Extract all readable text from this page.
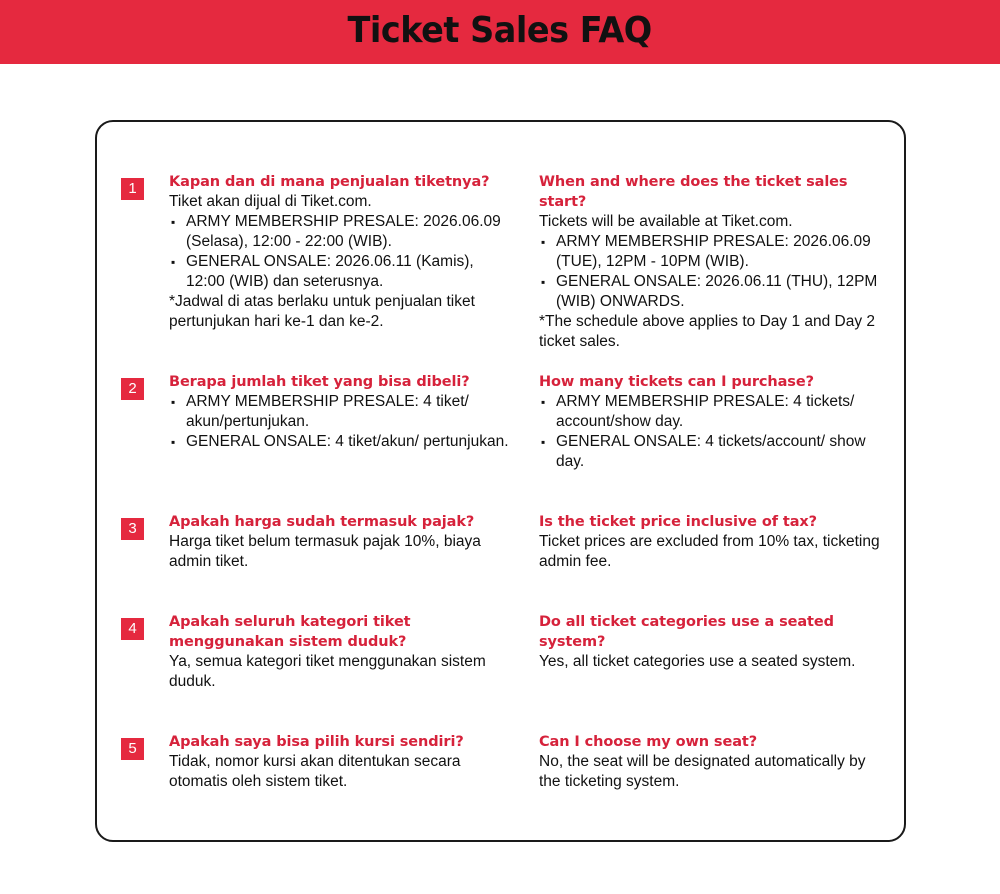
Ticket Sales FAQ
1	Kapan dan di mana penjualan tiketnya?
Tiket akan dijual di Tiket.com.
▪ ARMY MEMBERSHIP PRESALE: 2026.06.09 (Selasa), 12:00 - 22:00 (WIB).
▪ GENERAL ONSALE: 2026.06.11 (Kamis), 12:00 (WIB) dan seterusnya.
*Jadwal di atas berlaku untuk penjualan tiket pertunjukan hari ke-1 dan ke-2.
When and where does the ticket sales start?
Tickets will be available at Tiket.com.
▪ ARMY MEMBERSHIP PRESALE: 2026.06.09 (TUE), 12PM - 10PM (WIB).
▪ GENERAL ONSALE: 2026.06.11 (THU), 12PM (WIB) ONWARDS.
*The schedule above applies to Day 1 and Day 2 ticket sales.
2	Berapa jumlah tiket yang bisa dibeli?
▪ ARMY MEMBERSHIP PRESALE: 4 tiket/ akun/pertunjukan.
▪ GENERAL ONSALE: 4 tiket/akun/ pertunjukan.
How many tickets can I purchase?
▪ ARMY MEMBERSHIP PRESALE: 4 tickets/ account/show day.
▪ GENERAL ONSALE: 4 tickets/account/ show day.
3	Apakah harga sudah termasuk pajak?
Harga tiket belum termasuk pajak 10%, biaya admin tiket.
Is the ticket price inclusive of tax?
Ticket prices are excluded from 10% tax, ticketing admin fee.
4	Apakah seluruh kategori tiket menggunakan sistem duduk?
Ya, semua kategori tiket menggunakan sistem duduk.
Do all ticket categories use a seated system?
Yes, all ticket categories use a seated system.
5	Apakah saya bisa pilih kursi sendiri?
Tidak, nomor kursi akan ditentukan secara otomatis oleh sistem tiket.
Can I choose my own seat?
No, the seat will be designated automatically by the ticketing system.
